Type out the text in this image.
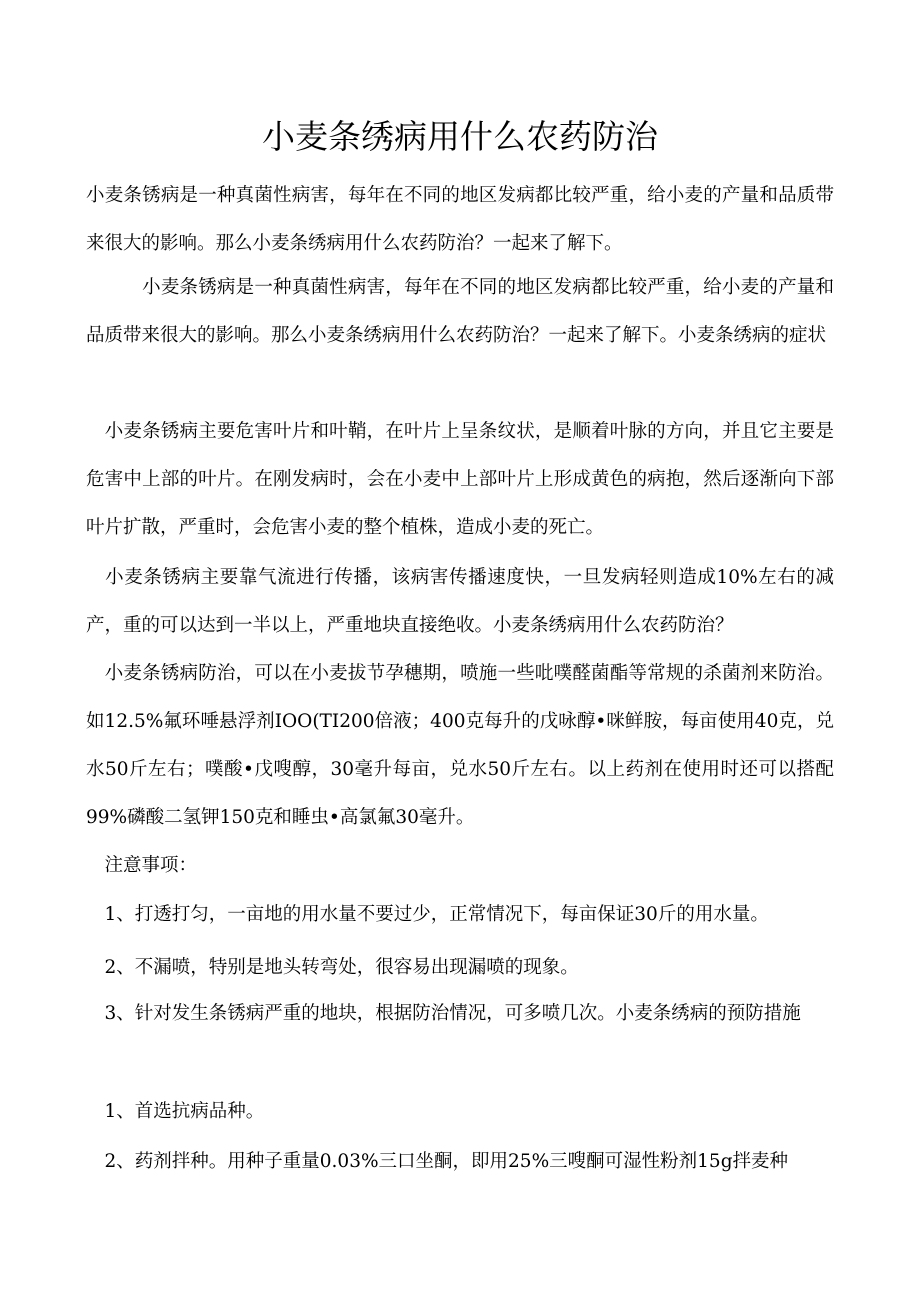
小麦条绣病用什么农药防治

小麦条锈病是一种真菌性病害，每年在不同的地区发病都比较严重，给小麦的产量和品质带来很大的影响。那么小麦条绣病用什么农药防治？一起来了解下。

　　　小麦条锈病是一种真菌性病害，每年在不同的地区发病都比较严重，给小麦的产量和品质带来很大的影响。那么小麦条绣病用什么农药防治？一起来了解下。小麦条绣病的症状

　小麦条锈病主要危害叶片和叶鞘，在叶片上呈条纹状，是顺着叶脉的方向，并且它主要是危害中上部的叶片。在刚发病时，会在小麦中上部叶片上形成黄色的病抱，然后逐渐向下部叶片扩散，严重时，会危害小麦的整个植株，造成小麦的死亡。

　小麦条锈病主要靠气流进行传播，该病害传播速度快，一旦发病轻则造成10%左右的减产，重的可以达到一半以上，严重地块直接绝收。小麦条绣病用什么农药防治？

　小麦条锈病防治，可以在小麦拔节孕穗期，喷施一些吡噗醛菌酯等常规的杀菌剂来防治。如12.5%氟环唾悬浮剂IOO(TI200倍液；400克每升的戊咏醇•咪鲜胺，每亩使用40克，兑水50斤左右；噗酸•戊嗖醇，30毫升每亩，兑水50斤左右。以上药剂在使用时还可以搭配99%磷酸二氢钾150克和睡虫•高氯氟30毫升。

　注意事项：

　1、打透打匀，一亩地的用水量不要过少，正常情况下，每亩保证30斤的用水量。

　2、不漏喷，特别是地头转弯处，很容易出现漏喷的现象。

　3、针对发生条锈病严重的地块，根据防治情况，可多喷几次。小麦条绣病的预防措施

　1、首选抗病品种。

　2、药剂拌种。用种子重量0.03%三口坐酮，即用25%三嗖酮可湿性粉剂15g拌麦种
